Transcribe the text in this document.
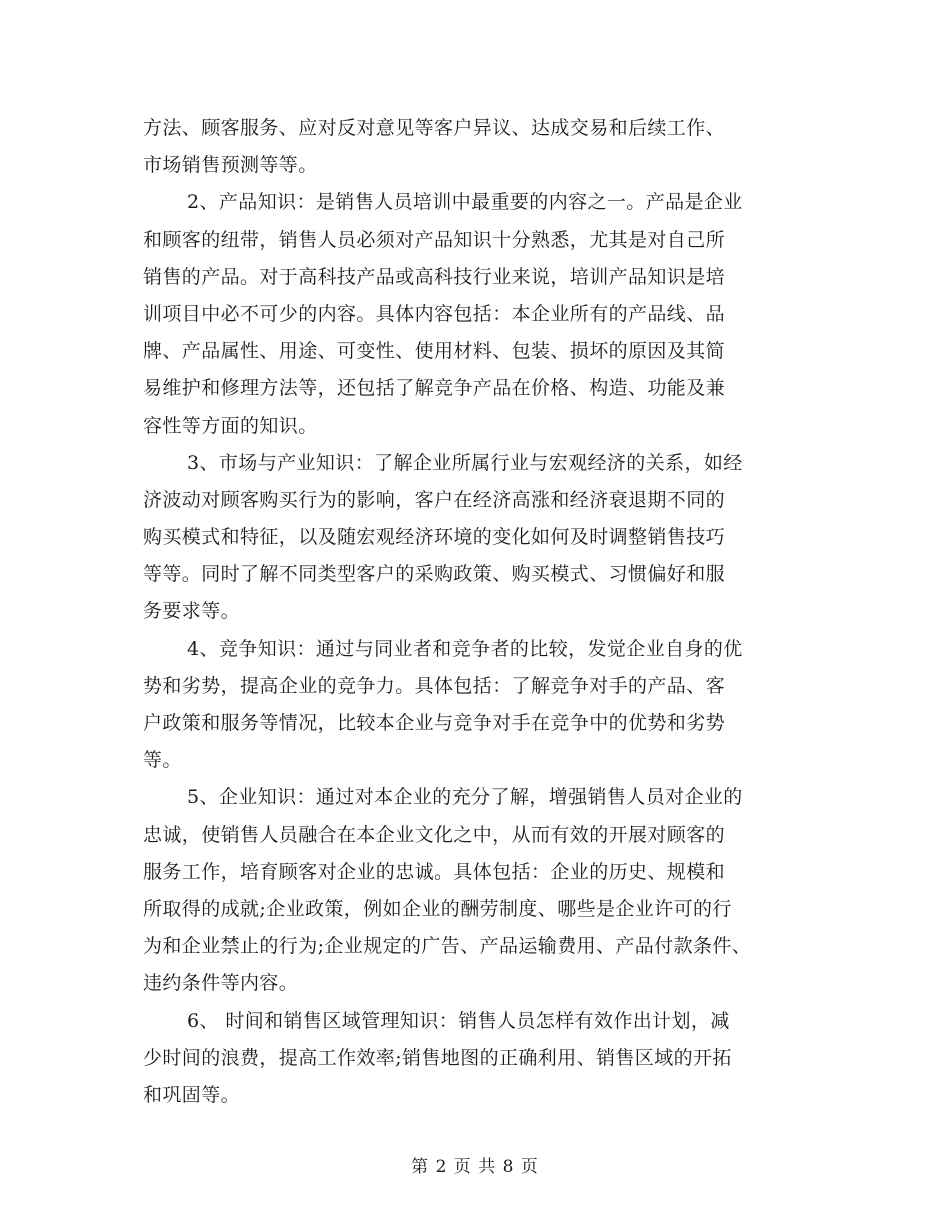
方法、顾客服务、应对反对意见等客户异议、达成交易和后续工作、
市场销售预测等等。
2、产品知识：是销售人员培训中最重要的内容之一。产品是企业
和顾客的纽带，销售人员必须对产品知识十分熟悉，尤其是对自己所
销售的产品。对于高科技产品或高科技行业来说，培训产品知识是培
训项目中必不可少的内容。具体内容包括：本企业所有的产品线、品
牌、产品属性、用途、可变性、使用材料、包装、损坏的原因及其简
易维护和修理方法等，还包括了解竞争产品在价格、构造、功能及兼
容性等方面的知识。
3、市场与产业知识：了解企业所属行业与宏观经济的关系，如经
济波动对顾客购买行为的影响，客户在经济高涨和经济衰退期不同的
购买模式和特征，以及随宏观经济环境的变化如何及时调整销售技巧
等等。同时了解不同类型客户的采购政策、购买模式、习惯偏好和服
务要求等。
4、竞争知识：通过与同业者和竞争者的比较，发觉企业自身的优
势和劣势，提高企业的竞争力。具体包括：了解竞争对手的产品、客
户政策和服务等情况，比较本企业与竞争对手在竞争中的优势和劣势
等。
5、企业知识：通过对本企业的充分了解，增强销售人员对企业的
忠诚，使销售人员融合在本企业文化之中，从而有效的开展对顾客的
服务工作，培育顾客对企业的忠诚。具体包括：企业的历史、规模和
所取得的成就;企业政策，例如企业的酬劳制度、哪些是企业许可的行
为和企业禁止的行为;企业规定的广告、产品运输费用、产品付款条件、
违约条件等内容。
6、 时间和销售区域管理知识：销售人员怎样有效作出计划，减
少时间的浪费，提高工作效率;销售地图的正确利用、销售区域的开拓
和巩固等。
第 2 页 共 8 页
